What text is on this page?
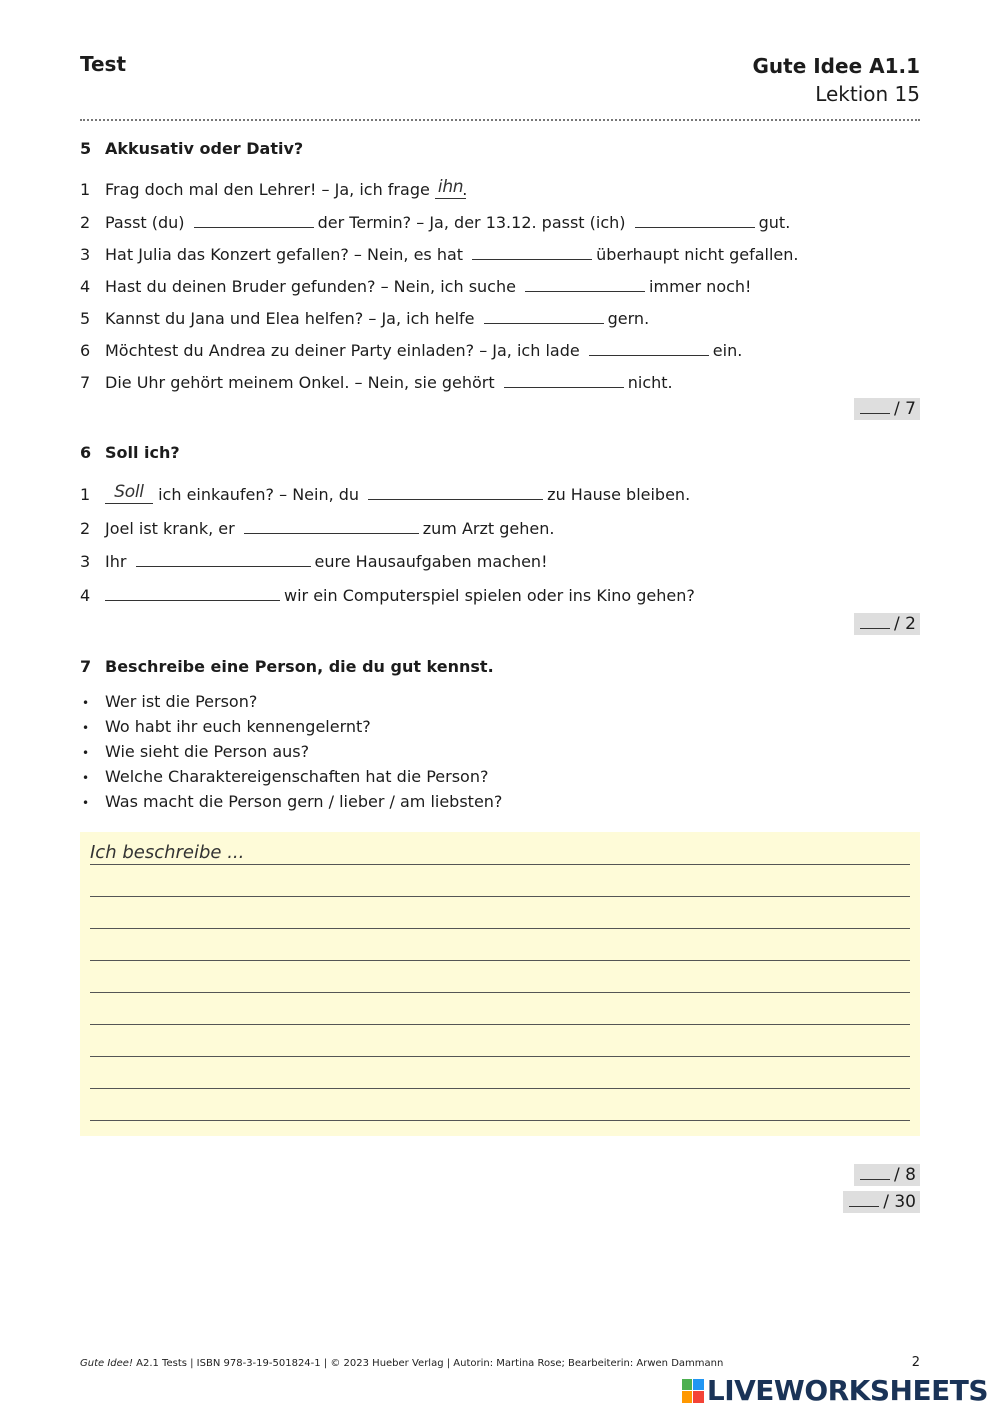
Test	Gute Idee A1.1
Lektion 15
5 Akkusativ oder Dativ?
1 Frag doch mal den Lehrer! – Ja, ich frage ihn.
2 Passt (du)	der Termin? – Ja, der 13.12. passt (ich)	gut.
3 Hat Julia das Konzert gefallen? – Nein, es hat	überhaupt nicht gefallen.
4 Hast du deinen Bruder gefunden? – Nein, ich suche	immer noch!
5 Kannst du Jana und Elea helfen? – Ja, ich helfe	gern.
6 Möchtest du Andrea zu deiner Party einladen? – Ja, ich lade	ein.
7 Die Uhr gehört meinem Onkel. – Nein, sie gehört	nicht.
/ 7
6 Soll ich?
1 Soll ich einkaufen? – Nein, du	zu Hause bleiben.
2 Joel ist krank, er	zum Arzt gehen.
3 Ihr	eure Hausaufgaben machen!
4	wir ein Computerspiel spielen oder ins Kino gehen?
/ 2
7 Beschreibe eine Person, die du gut kennst.
• Wer ist die Person?
• Wo habt ihr euch kennengelernt?
• Wie sieht die Person aus?
• Welche Charaktereigenschaften hat die Person?
• Was macht die Person gern / lieber / am liebsten?
Ich beschreibe ...
/ 8
/ 30
Gute Idee! A2.1 Tests | ISBN 978-3-19-501824-1 | © 2023 Hueber Verlag | Autorin: Martina Rose; Bearbeiterin: Arwen Dammann	2
LIVEWORKSHEETS
